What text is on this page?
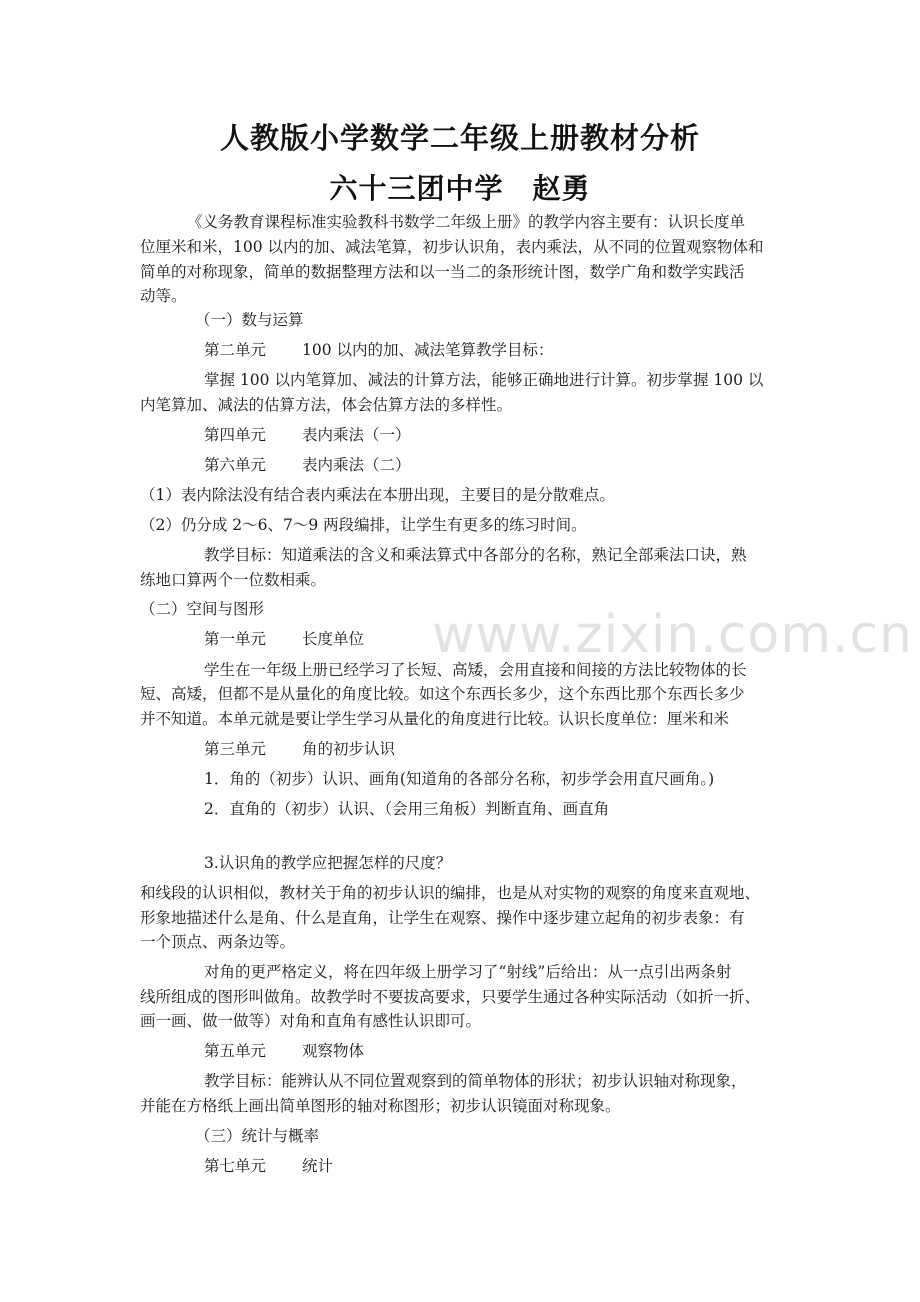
人教版小学数学二年级上册教材分析
六十三团中学　赵勇
《义务教育课程标准实验教科书数学二年级上册》的教学内容主要有：认识长度单
位厘米和米，100 以内的加、减法笔算，初步认识角，表内乘法，从不同的位置观察物体和
简单的对称现象，简单的数据整理方法和以一当二的条形统计图，数学广角和数学实践活
动等。
（一）数与运算
第二单元 100 以内的加、减法笔算教学目标：
掌握 100 以内笔算加、减法的计算方法，能够正确地进行计算。初步掌握 100 以
内笔算加、减法的估算方法，体会估算方法的多样性。
第四单元 表内乘法（一）
第六单元 表内乘法（二）
（1）表内除法没有结合表内乘法在本册出现，主要目的是分散难点。
（2）仍分成 2～6、7～9 两段编排，让学生有更多的练习时间。
教学目标：知道乘法的含义和乘法算式中各部分的名称，熟记全部乘法口诀，熟
练地口算两个一位数相乘。
（二）空间与图形
第一单元 长度单位
学生在一年级上册已经学习了长短、高矮，会用直接和间接的方法比较物体的长
短、高矮，但都不是从量化的角度比较。如这个东西长多少，这个东西比那个东西长多少
并不知道。本单元就是要让学生学习从量化的角度进行比较。认识长度单位：厘米和米
第三单元 角的初步认识
1．角的（初步）认识、画角(知道角的各部分名称，初步学会用直尺画角。)
2．直角的（初步）认识、（会用三角板）判断直角、画直角
3.认识角的教学应把握怎样的尺度？
和线段的认识相似，教材关于角的初步认识的编排，也是从对实物的观察的角度来直观地、
形象地描述什么是角、什么是直角，让学生在观察、操作中逐步建立起角的初步表象：有
一个顶点、两条边等。
对角的更严格定义，将在四年级上册学习了“射线”后给出：从一点引出两条射
线所组成的图形叫做角。故教学时不要拔高要求，只要学生通过各种实际活动（如折一折、
画一画、做一做等）对角和直角有感性认识即可。
第五单元 观察物体
教学目标：能辨认从不同位置观察到的简单物体的形状；初步认识轴对称现象，
并能在方格纸上画出简单图形的轴对称图形；初步认识镜面对称现象。
（三）统计与概率
第七单元 统计
www.zixin.com.cn
